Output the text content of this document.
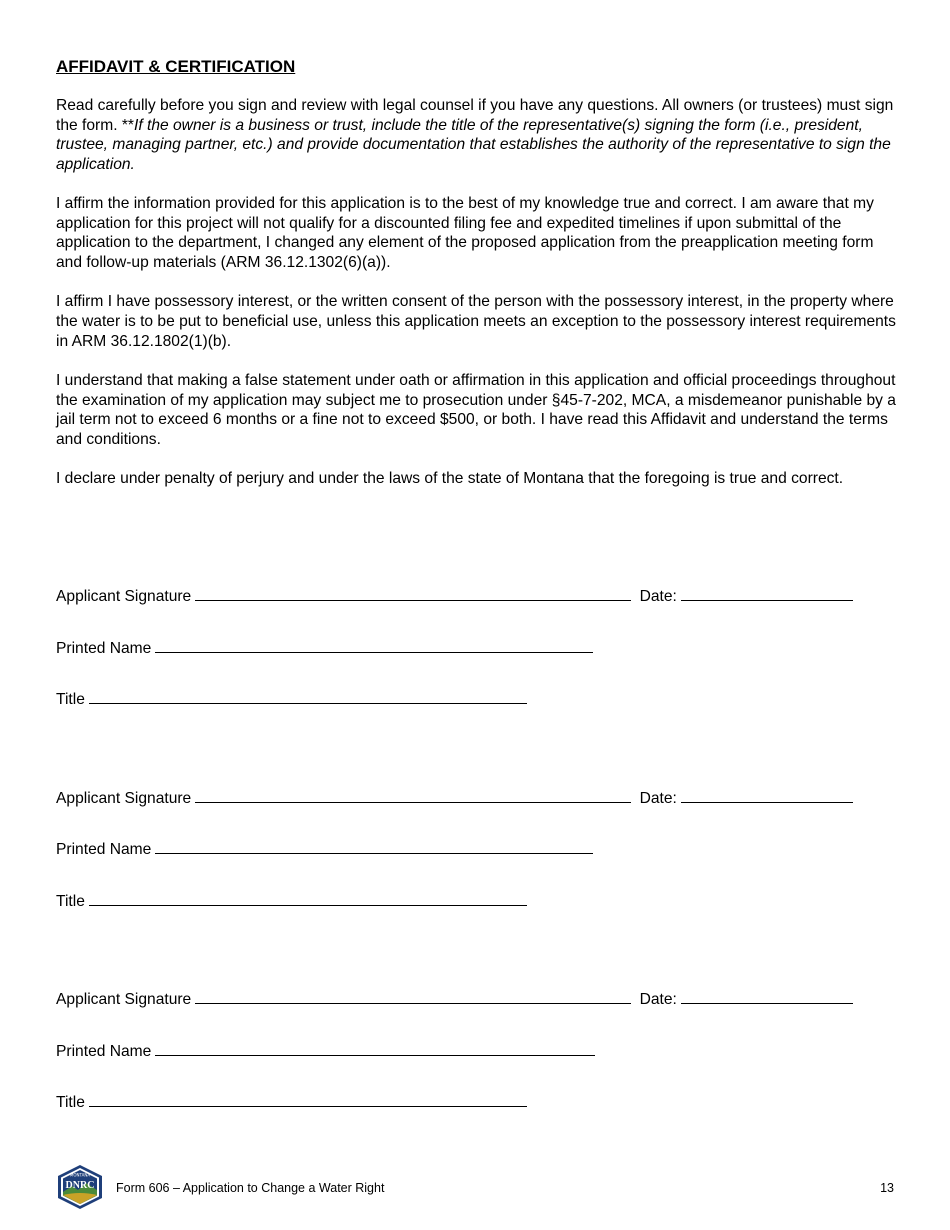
AFFIDAVIT & CERTIFICATION

Read carefully before you sign and review with legal counsel if you have any questions. All owners (or trustees) must sign the form. **If the owner is a business or trust, include the title of the representative(s) signing the form (i.e., president, trustee, managing partner, etc.) and provide documentation that establishes the authority of the representative to sign the application.

I affirm the information provided for this application is to the best of my knowledge true and correct. I am aware that my application for this project will not qualify for a discounted filing fee and expedited timelines if upon submittal of the application to the department, I changed any element of the proposed application from the preapplication meeting form and follow-up materials (ARM 36.12.1302(6)(a)).

I affirm I have possessory interest, or the written consent of the person with the possessory interest, in the property where the water is to be put to beneficial use, unless this application meets an exception to the possessory interest requirements in ARM 36.12.1802(1)(b).

I understand that making a false statement under oath or affirmation in this application and official proceedings throughout the examination of my application may subject me to prosecution under §45-7-202, MCA, a misdemeanor punishable by a jail term not to exceed 6 months or a fine not to exceed $500, or both. I have read this Affidavit and understand the terms and conditions.

I declare under penalty of perjury and under the laws of the state of Montana that the foregoing is true and correct.

Applicant Signature	Date:
Printed Name
Title
Applicant Signature	Date:
Printed Name
Title
Applicant Signature	Date:
Printed Name
Title
MONTANA
DNRC Form 606 – Application to Change a Water Right	13
